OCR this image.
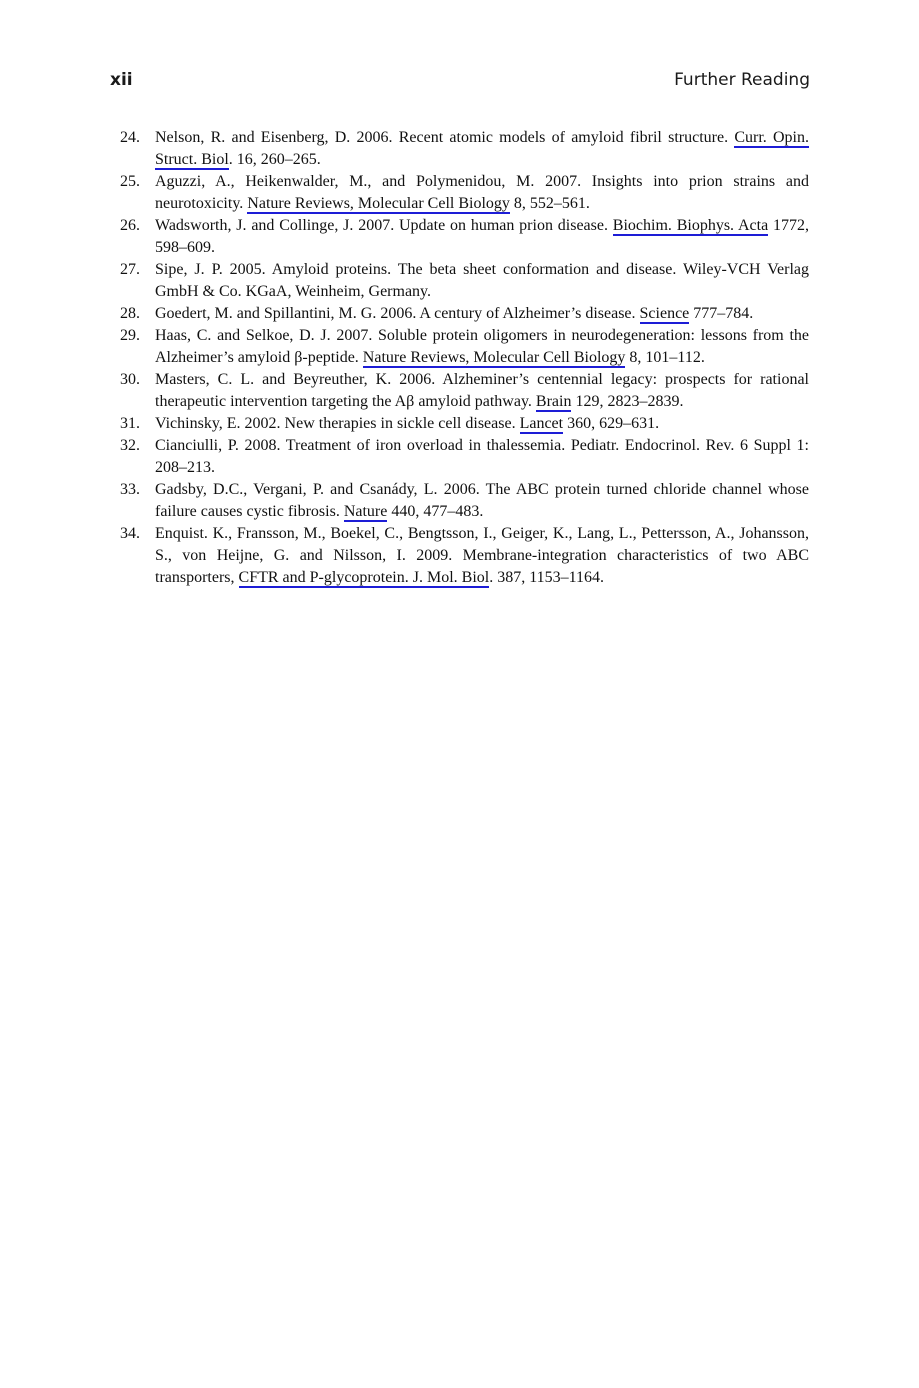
xii	Further Reading
24. Nelson, R. and Eisenberg, D. 2006. Recent atomic models of amyloid fibril structure. Curr. Opin. Struct. Biol. 16, 260–265.
25. Aguzzi, A., Heikenwalder, M., and Polymenidou, M. 2007. Insights into prion strains and neurotoxicity. Nature Reviews, Molecular Cell Biology 8, 552–561.
26. Wadsworth, J. and Collinge, J. 2007. Update on human prion disease. Biochim. Biophys. Acta 1772, 598–609.
27. Sipe, J. P. 2005. Amyloid proteins. The beta sheet conformation and disease. Wiley-VCH Verlag GmbH & Co. KGaA, Weinheim, Germany.
28. Goedert, M. and Spillantini, M. G. 2006. A century of Alzheimer’s disease. Science 777–784.
29. Haas, C. and Selkoe, D. J. 2007. Soluble protein oligomers in neurodegeneration: lessons from the Alzheimer’s amyloid β-peptide. Nature Reviews, Molecular Cell Biology 8, 101–112.
30. Masters, C. L. and Beyreuther, K. 2006. Alzheminer’s centennial legacy: prospects for rational therapeutic intervention targeting the Aβ amyloid pathway. Brain 129, 2823–2839.
31. Vichinsky, E. 2002. New therapies in sickle cell disease. Lancet 360, 629–631.
32. Cianciulli, P. 2008. Treatment of iron overload in thalessemia. Pediatr. Endocrinol. Rev. 6 Suppl 1: 208–213.
33. Gadsby, D.C., Vergani, P. and Csanády, L. 2006. The ABC protein turned chloride channel whose failure causes cystic fibrosis. Nature 440, 477–483.
34. Enquist. K., Fransson, M., Boekel, C., Bengtsson, I., Geiger, K., Lang, L., Pettersson, A., Johansson, S., von Heijne, G. and Nilsson, I. 2009. Membrane-integration characteristics of two ABC transporters, CFTR and P-glycoprotein. J. Mol. Biol. 387, 1153–1164.
